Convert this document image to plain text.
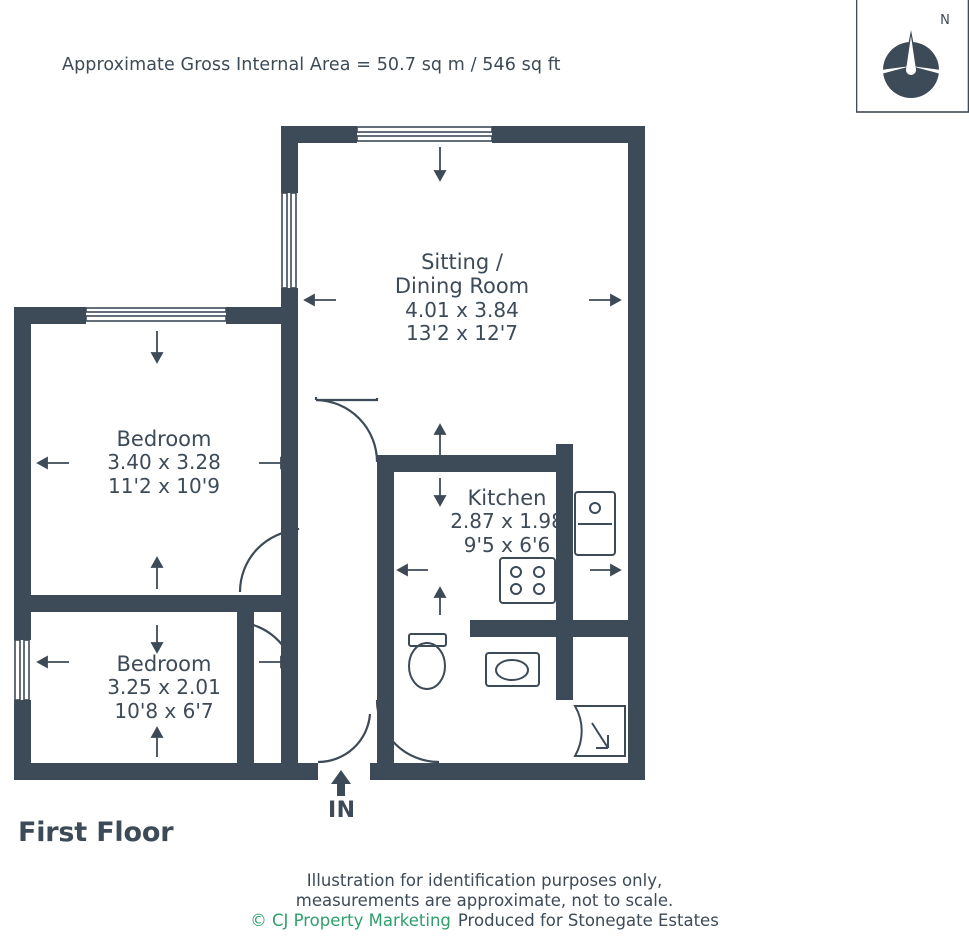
Approximate Gross Internal Area = 50.7 sq m / 546 sq ft
N
Sitting /
Dining Room
4.01 x 3.84
13'2 x 12'7
Bedroom
3.40 x 3.28
11'2 x 10'9
Bedroom
3.25 x 2.01
10'8 x 6'7
Kitchen
2.87 x 1.98
9'5 x 6'6
IN
First Floor
Illustration for identification purposes only,
measurements are approximate, not to scale.
© CJ Property Marketing Produced for Stonegate Estates
